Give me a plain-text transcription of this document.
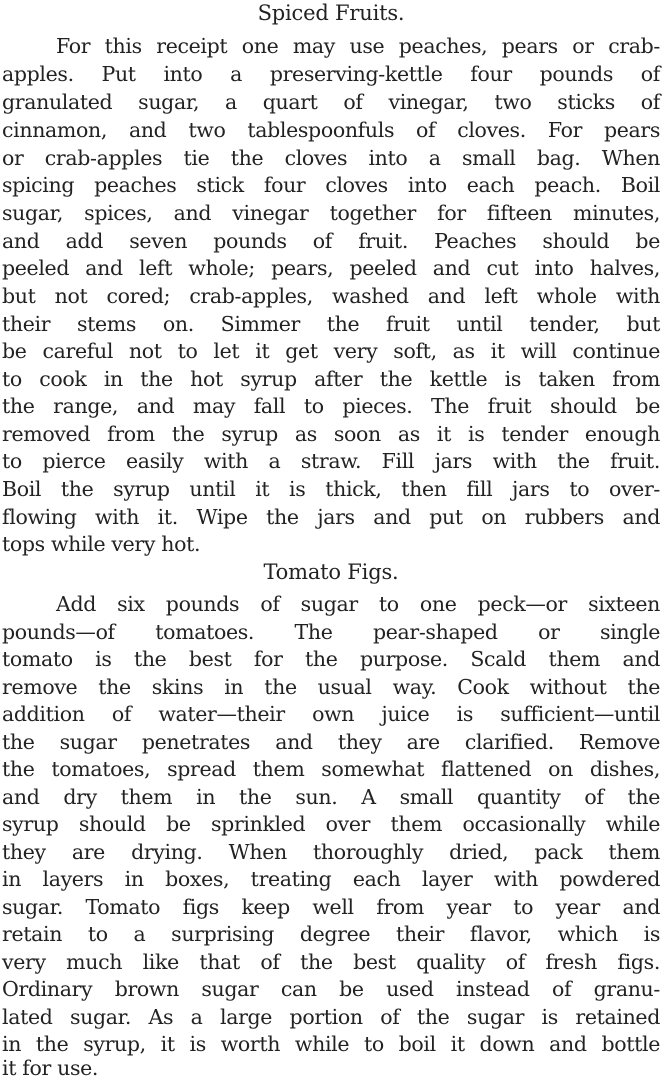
Spiced Fruits.
For this receipt one may use peaches, pears or crab-
apples. Put into a preserving-kettle four pounds of
granulated sugar, a quart of vinegar, two sticks of
cinnamon, and two tablespoonfuls of cloves. For pears
or crab-apples tie the cloves into a small bag. When
spicing peaches stick four cloves into each peach. Boil
sugar, spices, and vinegar together for fifteen minutes,
and add seven pounds of fruit. Peaches should be
peeled and left whole; pears, peeled and cut into halves,
but not cored; crab-apples, washed and left whole with
their stems on. Simmer the fruit until tender, but
be careful not to let it get very soft, as it will continue
to cook in the hot syrup after the kettle is taken from
the range, and may fall to pieces. The fruit should be
removed from the syrup as soon as it is tender enough
to pierce easily with a straw. Fill jars with the fruit.
Boil the syrup until it is thick, then fill jars to over-
flowing with it. Wipe the jars and put on rubbers and
tops while very hot.
Tomato Figs.
Add six pounds of sugar to one peck—or sixteen
pounds—of tomatoes. The pear-shaped or single
tomato is the best for the purpose. Scald them and
remove the skins in the usual way. Cook without the
addition of water—their own juice is sufficient—until
the sugar penetrates and they are clarified. Remove
the tomatoes, spread them somewhat flattened on dishes,
and dry them in the sun. A small quantity of the
syrup should be sprinkled over them occasionally while
they are drying. When thoroughly dried, pack them
in layers in boxes, treating each layer with powdered
sugar. Tomato figs keep well from year to year and
retain to a surprising degree their flavor, which is
very much like that of the best quality of fresh figs.
Ordinary brown sugar can be used instead of granu-
lated sugar. As a large portion of the sugar is retained
in the syrup, it is worth while to boil it down and bottle
it for use.
